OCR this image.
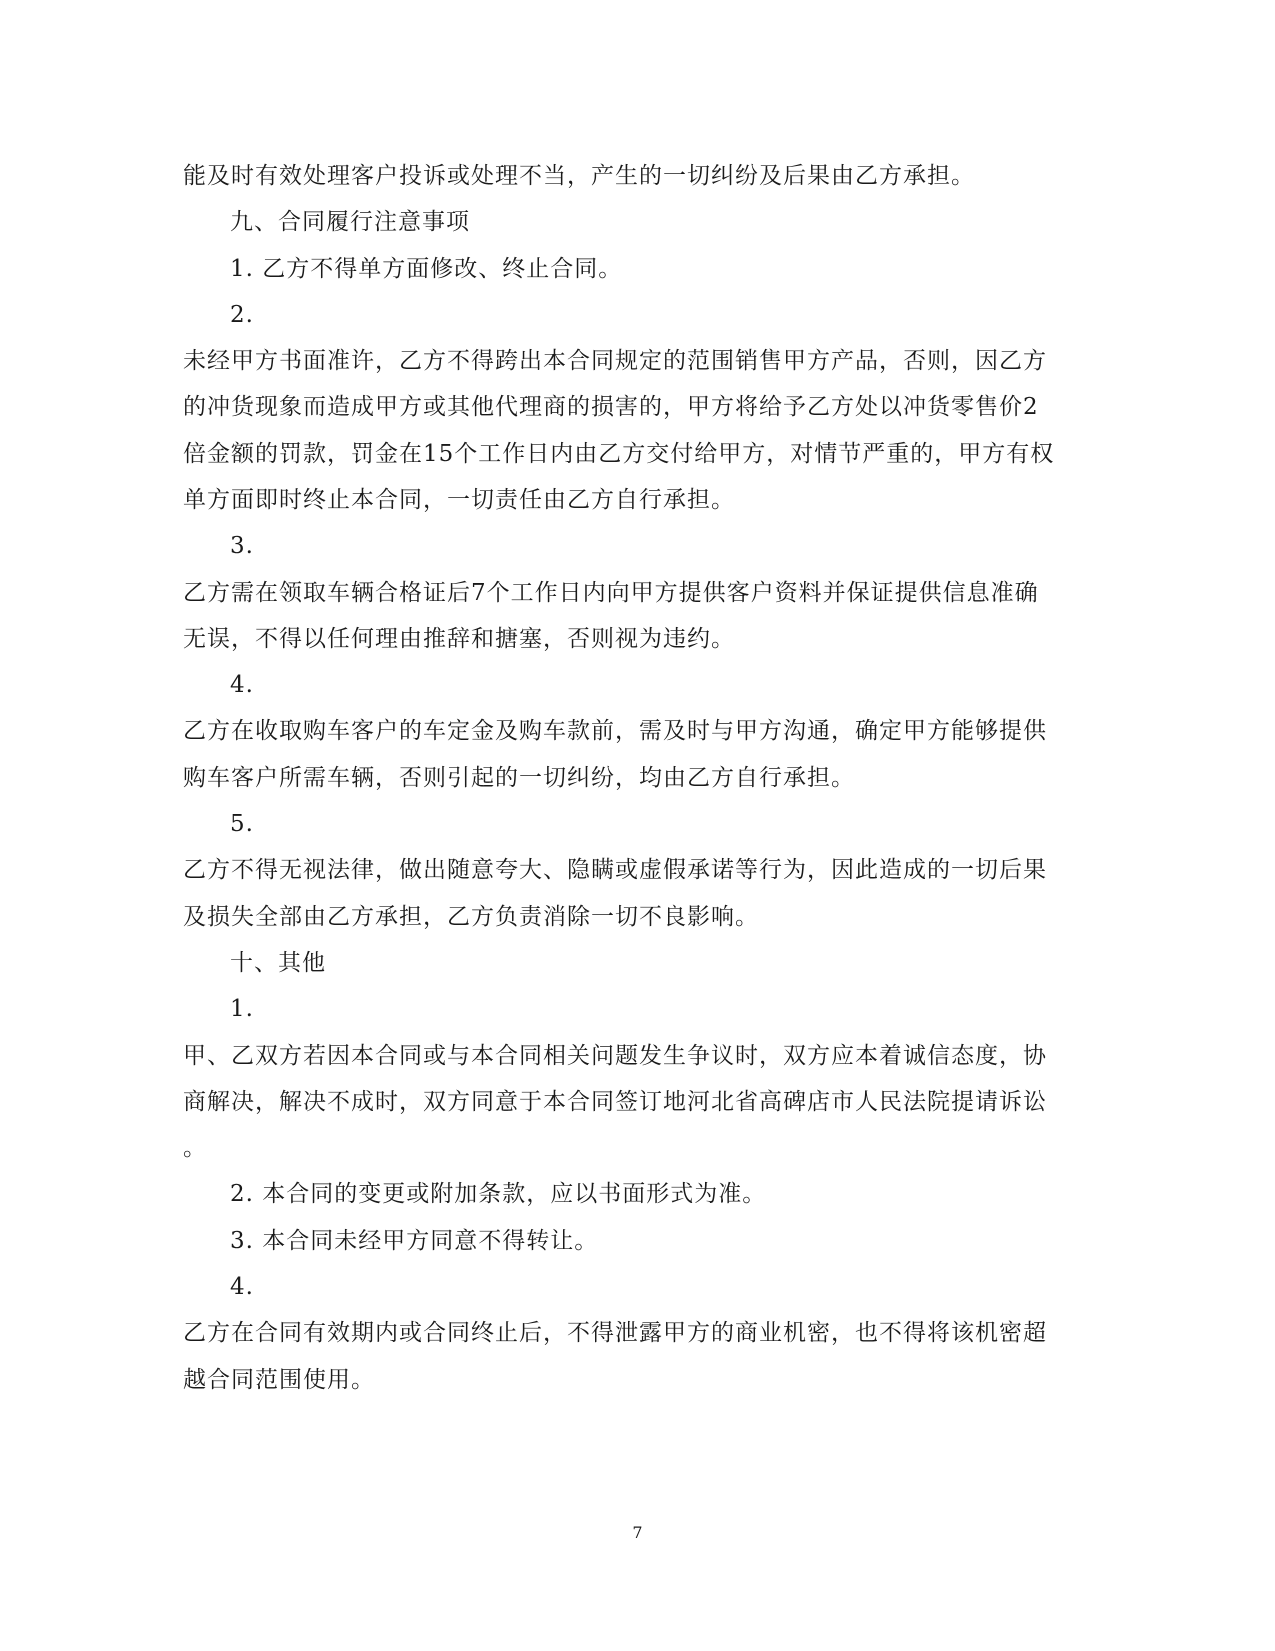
能及时有效处理客户投诉或处理不当，产生的一切纠纷及后果由乙方承担。
九、合同履行注意事项
1. 乙方不得单方面修改、终止合同。
2.
未经甲方书面准许，乙方不得跨出本合同规定的范围销售甲方产品，否则，因乙方
的冲货现象而造成甲方或其他代理商的损害的，甲方将给予乙方处以冲货零售价2
倍金额的罚款，罚金在15个工作日内由乙方交付给甲方，对情节严重的，甲方有权
单方面即时终止本合同，一切责任由乙方自行承担。
3.
乙方需在领取车辆合格证后7个工作日内向甲方提供客户资料并保证提供信息准确
无误，不得以任何理由推辞和搪塞，否则视为违约。
4.
乙方在收取购车客户的车定金及购车款前，需及时与甲方沟通，确定甲方能够提供
购车客户所需车辆，否则引起的一切纠纷，均由乙方自行承担。
5.
乙方不得无视法律，做出随意夸大、隐瞒或虚假承诺等行为，因此造成的一切后果
及损失全部由乙方承担，乙方负责消除一切不良影响。
十、其他
1.
甲、乙双方若因本合同或与本合同相关问题发生争议时，双方应本着诚信态度，协
商解决，解决不成时，双方同意于本合同签订地河北省高碑店市人民法院提请诉讼
。
2. 本合同的变更或附加条款，应以书面形式为准。
3. 本合同未经甲方同意不得转让。
4.
乙方在合同有效期内或合同终止后，不得泄露甲方的商业机密，也不得将该机密超
越合同范围使用。
7
